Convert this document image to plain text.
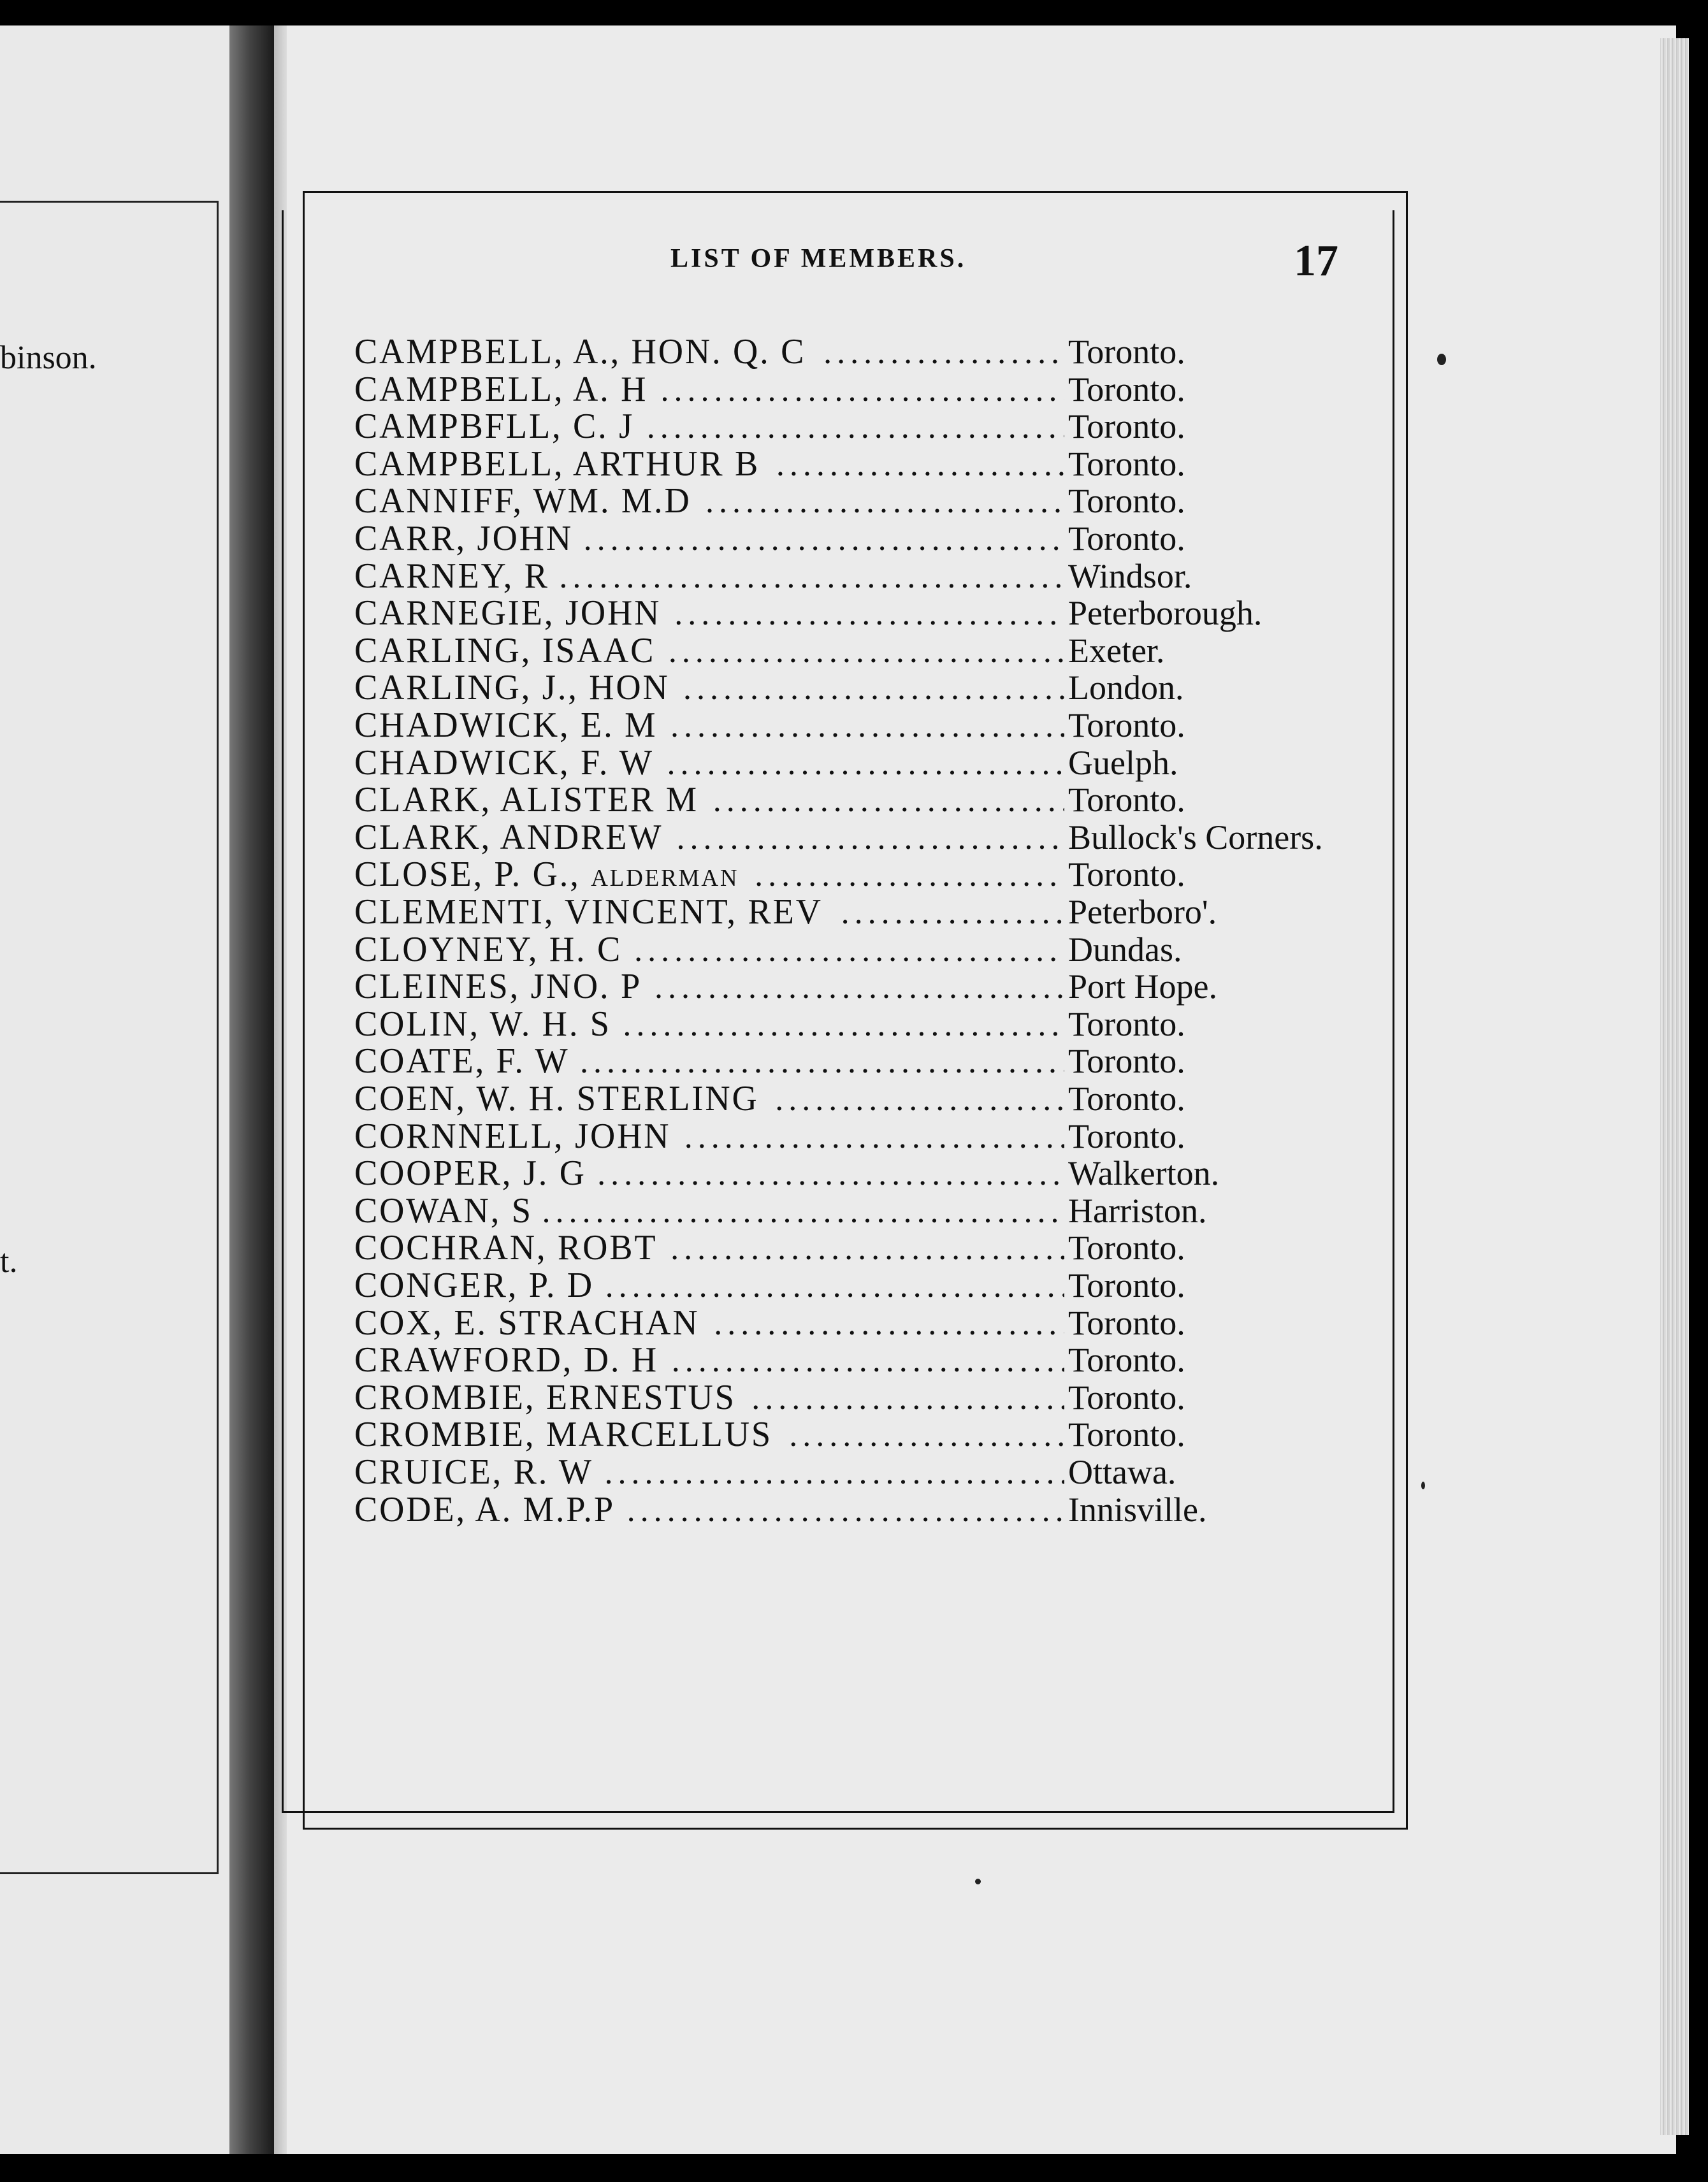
binson.
t.
LIST OF MEMBERS.	17
CAMPBELL, A., HON. Q. C .....	Toronto.
CAMPBELL, A. H .....	Toronto.
CAMPBFLL, C. J .....	Toronto.
CAMPBELL, ARTHUR B .....	Toronto.
CANNIFF, WM. M.D .....	Toronto.
CARR, JOHN .....	Toronto.
CARNEY, R .....	Windsor.
CARNEGIE, JOHN .....	Peterborough.
CARLING, ISAAC .....	Exeter.
CARLING, J., HON .....	London.
CHADWICK, E. M .....	Toronto.
CHADWICK, F. W .....	Guelph.
CLARK, ALISTER M .....	Toronto.
CLARK, ANDREW .....	Bullock's Corners.
CLOSE, P. G., ALDERMAN .....	Toronto.
CLEMENTI, VINCENT, REV .....	Peterboro'.
CLOYNEY, H. C .....	Dundas.
CLEINES, JNO. P .....	Port Hope.
COLIN, W. H. S .....	Toronto.
COATE, F. W .....	Toronto.
COEN, W. H. STERLING .....	Toronto.
CORNNELL, JOHN .....	Toronto.
COOPER, J. G .....	Walkerton.
COWAN, S .....	Harriston.
COCHRAN, ROBT .....	Toronto.
CONGER, P. D .....	Toronto.
COX, E. STRACHAN .....	Toronto.
CRAWFORD, D. H .....	Toronto.
CROMBIE, ERNESTUS .....	Toronto.
CROMBIE, MARCELLUS .....	Toronto.
CRUICE, R. W .....	Ottawa.
CODE, A. M.P.P .....	Innisville.
